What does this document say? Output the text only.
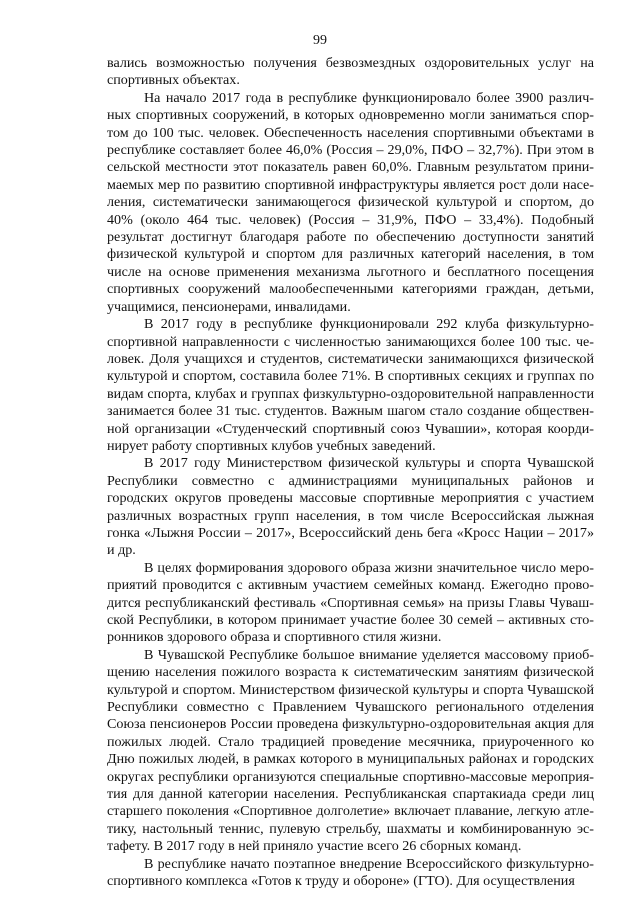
99

вались возможностью получения безвозмездных оздоровительных услуг на спортивных объектах.

На начало 2017 года в республике функционировало более 3900 различных спортивных сооружений, в которых одновременно могли заниматься спортом до 100 тыс. человек. Обеспеченность населения спортивными объектами в республике составляет более 46,0% (Россия – 29,0%, ПФО – 32,7%). При этом в сельской местности этот показатель равен 60,0%. Главным результатом принимаемых мер по развитию спортивной инфраструктуры является рост доли населения, систематически занимающегося физической культурой и спортом, до 40% (около 464 тыс. человек) (Россия – 31,9%, ПФО – 33,4%). Подобный результат достигнут благодаря работе по обеспечению доступности занятий физической культурой и спортом для различных категорий населения, в том числе на основе применения механизма льготного и бесплатного посещения спортивных сооружений малообеспеченными категориями граждан, детьми, учащимися, пенсионерами, инвалидами.

В 2017 году в республике функционировали 292 клуба физкультурно-спортивной направленности с численностью занимающихся более 100 тыс. человек. Доля учащихся и студентов, систематически занимающихся физической культурой и спортом, составила более 71%. В спортивных секциях и группах по видам спорта, клубах и группах физкультурно-оздоровительной направленности занимается более 31 тыс. студентов. Важным шагом стало создание общественной организации «Студенческий спортивный союз Чувашии», которая координирует работу спортивных клубов учебных заведений.

В 2017 году Министерством физической культуры и спорта Чувашской Республики совместно с администрациями муниципальных районов и городских округов проведены массовые спортивные мероприятия с участием различных возрастных групп населения, в том числе Всероссийская лыжная гонка «Лыжня России – 2017», Всероссийский день бега «Кросс Нации – 2017» и др.

В целях формирования здорового образа жизни значительное число мероприятий проводится с активным участием семейных команд. Ежегодно проводится республиканский фестиваль «Спортивная семья» на призы Главы Чувашской Республики, в котором принимает участие более 30 семей – активных сторонников здорового образа и спортивного стиля жизни.

В Чувашской Республике большое внимание уделяется массовому приобщению населения пожилого возраста к систематическим занятиям физической культурой и спортом. Министерством физической культуры и спорта Чувашской Республики совместно с Правлением Чувашского регионального отделения Союза пенсионеров России проведена физкультурно-оздоровительная акция для пожилых людей. Стало традицией проведение месячника, приуроченного ко Дню пожилых людей, в рамках которого в муниципальных районах и городских округах республики организуются специальные спортивно-массовые мероприятия для данной категории населения. Республиканская спартакиада среди лиц старшего поколения «Спортивное долголетие» включает плавание, легкую атлетику, настольный теннис, пулевую стрельбу, шахматы и комбинированную эстафету. В 2017 году в ней приняло участие всего 26 сборных команд.

В республике начато поэтапное внедрение Всероссийского физкультурно-спортивного комплекса «Готов к труду и обороне» (ГТО). Для осуществления
